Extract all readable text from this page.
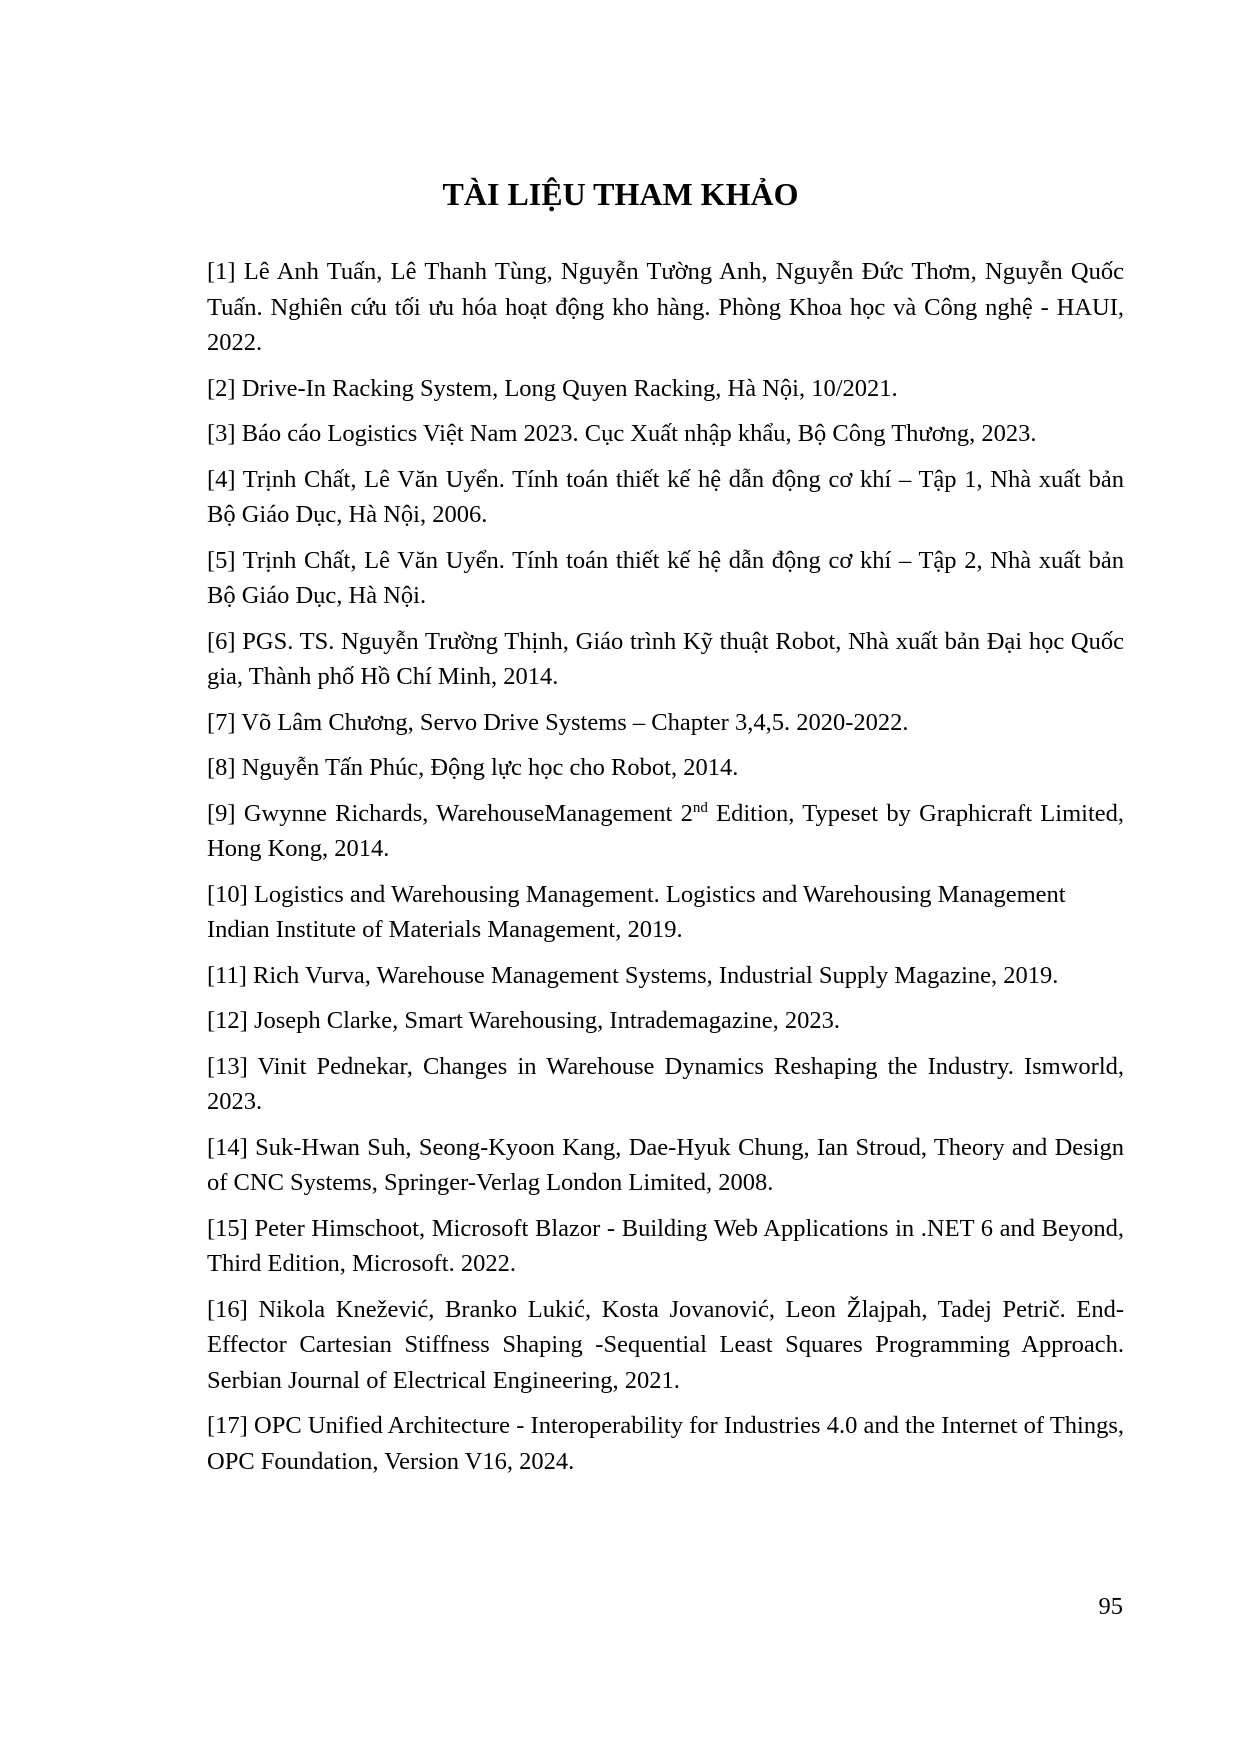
TÀI LIỆU THAM KHẢO
[1] Lê Anh Tuấn, Lê Thanh Tùng, Nguyễn Tường Anh, Nguyễn Đức Thơm, Nguyễn Quốc Tuấn. Nghiên cứu tối ưu hóa hoạt động kho hàng. Phòng Khoa học và Công nghệ - HAUI, 2022.
[2] Drive-In Racking System, Long Quyen Racking, Hà Nội, 10/2021.
[3] Báo cáo Logistics Việt Nam 2023. Cục Xuất nhập khẩu, Bộ Công Thương, 2023.
[4] Trịnh Chất, Lê Văn Uyển. Tính toán thiết kế hệ dẫn động cơ khí – Tập 1, Nhà xuất bản Bộ Giáo Dục, Hà Nội, 2006.
[5] Trịnh Chất, Lê Văn Uyển. Tính toán thiết kế hệ dẫn động cơ khí – Tập 2, Nhà xuất bản Bộ Giáo Dục, Hà Nội.
[6] PGS. TS. Nguyễn Trường Thịnh, Giáo trình Kỹ thuật Robot, Nhà xuất bản Đại học Quốc gia, Thành phố Hồ Chí Minh, 2014.
[7] Võ Lâm Chương, Servo Drive Systems – Chapter 3,4,5. 2020-2022.
[8] Nguyễn Tấn Phúc, Động lực học cho Robot, 2014.
[9] Gwynne Richards, WarehouseManagement 2nd Edition, Typeset by Graphicraft Limited, Hong Kong, 2014.
[10] Logistics and Warehousing Management. Logistics and Warehousing Management Indian Institute of Materials Management, 2019.
[11] Rich Vurva, Warehouse Management Systems, Industrial Supply Magazine, 2019.
[12] Joseph Clarke, Smart Warehousing, Intrademagazine, 2023.
[13] Vinit Pednekar, Changes in Warehouse Dynamics Reshaping the Industry. Ismworld, 2023.
[14] Suk-Hwan Suh, Seong-Kyoon Kang, Dae-Hyuk Chung, Ian Stroud, Theory and Design of CNC Systems, Springer-Verlag London Limited, 2008.
[15] Peter Himschoot, Microsoft Blazor - Building Web Applications in .NET 6 and Beyond, Third Edition, Microsoft. 2022.
[16] Nikola Knežević, Branko Lukić, Kosta Jovanović, Leon Žlajpah, Tadej Petrič. End-Effector Cartesian Stiffness Shaping -Sequential Least Squares Programming Approach. Serbian Journal of Electrical Engineering, 2021.
[17] OPC Unified Architecture - Interoperability for Industries 4.0 and the Internet of Things, OPC Foundation, Version V16, 2024.
95
